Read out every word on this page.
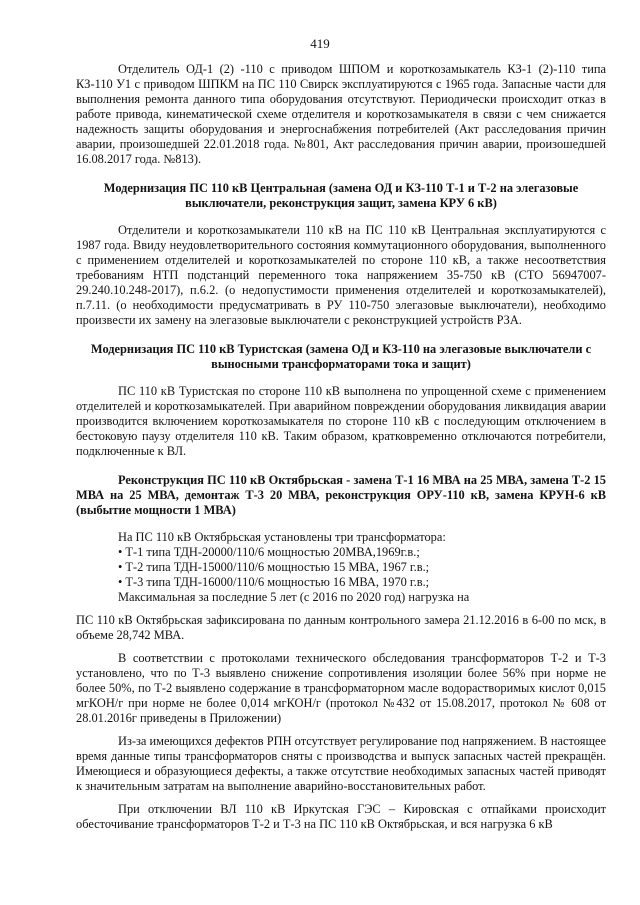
419

Отделитель ОД-1 (2) -110 с приводом ШПОМ и короткозамыкатель КЗ-1 (2)-110 типа КЗ-110 У1 с приводом ШПКМ на ПС 110 Свирск эксплуатируются с 1965 года. Запасные части для выполнения ремонта данного типа оборудования отсутствуют. Периодически происходит отказ в работе привода, кинематической схеме отделителя и короткозамыкателя в связи с чем снижается надежность защиты оборудования и энергоснабжения потребителей (Акт расследования причин аварии, произошедшей 22.01.2018 года. №801, Акт расследования причин аварии, произошедшей 16.08.2017 года. №813).

Модернизация ПС 110 кВ Центральная (замена ОД и КЗ-110 Т-1 и Т-2 на элегазовые выключатели, реконструкция защит, замена КРУ 6 кВ)

Отделители и короткозамыкатели 110 кВ на ПС 110 кВ Центральная эксплуатируются с 1987 года. Ввиду неудовлетворительного состояния коммутационного оборудования, выполненного с применением отделителей и короткозамыкателей по стороне 110 кВ, а также несоответствия требованиям НТП подстанций переменного тока напряжением 35-750 кВ (СТО 56947007-29.240.10.248-2017), п.6.2. (о недопустимости применения отделителей и короткозамыкателей), п.7.11. (о необходимости предусматривать в РУ 110-750 элегазовые выключатели), необходимо произвести их замену на элегазовые выключатели с реконструкцией устройств РЗА.

Модернизация ПС 110 кВ Туристская (замена ОД и КЗ-110 на элегазовые выключатели с выносными трансформаторами тока и защит)

ПС 110 кВ Туристская по стороне 110 кВ выполнена по упрощенной схеме с применением отделителей и короткозамыкателей. При аварийном повреждении оборудования ликвидация аварии производится включением короткозамыкателя по стороне 110 кВ с последующим отключением в бестоковую паузу отделителя 110 кВ. Таким образом, кратковременно отключаются потребители, подключенные к ВЛ.

Реконструкция ПС 110 кВ Октябрьская - замена Т-1 16 МВА на 25 МВА, замена Т-2 15 МВА на 25 МВА, демонтаж Т-3 20 МВА, реконструкция ОРУ-110 кВ, замена КРУН-6 кВ (выбытие мощности 1 МВА)

На ПС 110 кВ Октябрьская установлены три трансформатора:

• Т-1 типа ТДН-20000/110/6 мощностью 20МВА,1969г.в.;
• Т-2 типа ТДН-15000/110/6 мощностью 15 МВА, 1967 г.в.;
• Т-3 типа ТДН-16000/110/6 мощностью 16 МВА, 1970 г.в.;

Максимальная за последние 5 лет (с 2016 по 2020 год) нагрузка на

ПС 110 кВ Октябрьская зафиксирована по данным контрольного замера 21.12.2016 в 6-00 по мск, в объеме 28,742 МВА.

В соответствии с протоколами технического обследования трансформаторов Т-2 и Т-3 установлено, что по Т-3 выявлено снижение сопротивления изоляции более 56% при норме не более 50%, по Т-2 выявлено содержание в трансформаторном масле водорастворимых кислот 0,015 мгКОН/г при норме не более 0,014 мгКОН/г (протокол №432 от 15.08.2017, протокол № 608 от 28.01.2016г приведены в Приложении)

Из-за имеющихся дефектов РПН отсутствует регулирование под напряжением. В настоящее время данные типы трансформаторов сняты с производства и выпуск запасных частей прекращён. Имеющиеся и образующиеся дефекты, а также отсутствие необходимых запасных частей приводят к значительным затратам на выполнение аварийно-восстановительных работ.

При отключении ВЛ 110 кВ Иркутская ГЭС – Кировская с отпайками происходит обесточивание трансформаторов Т-2 и Т-3 на ПС 110 кВ Октябрьская, и вся нагрузка 6 кВ
